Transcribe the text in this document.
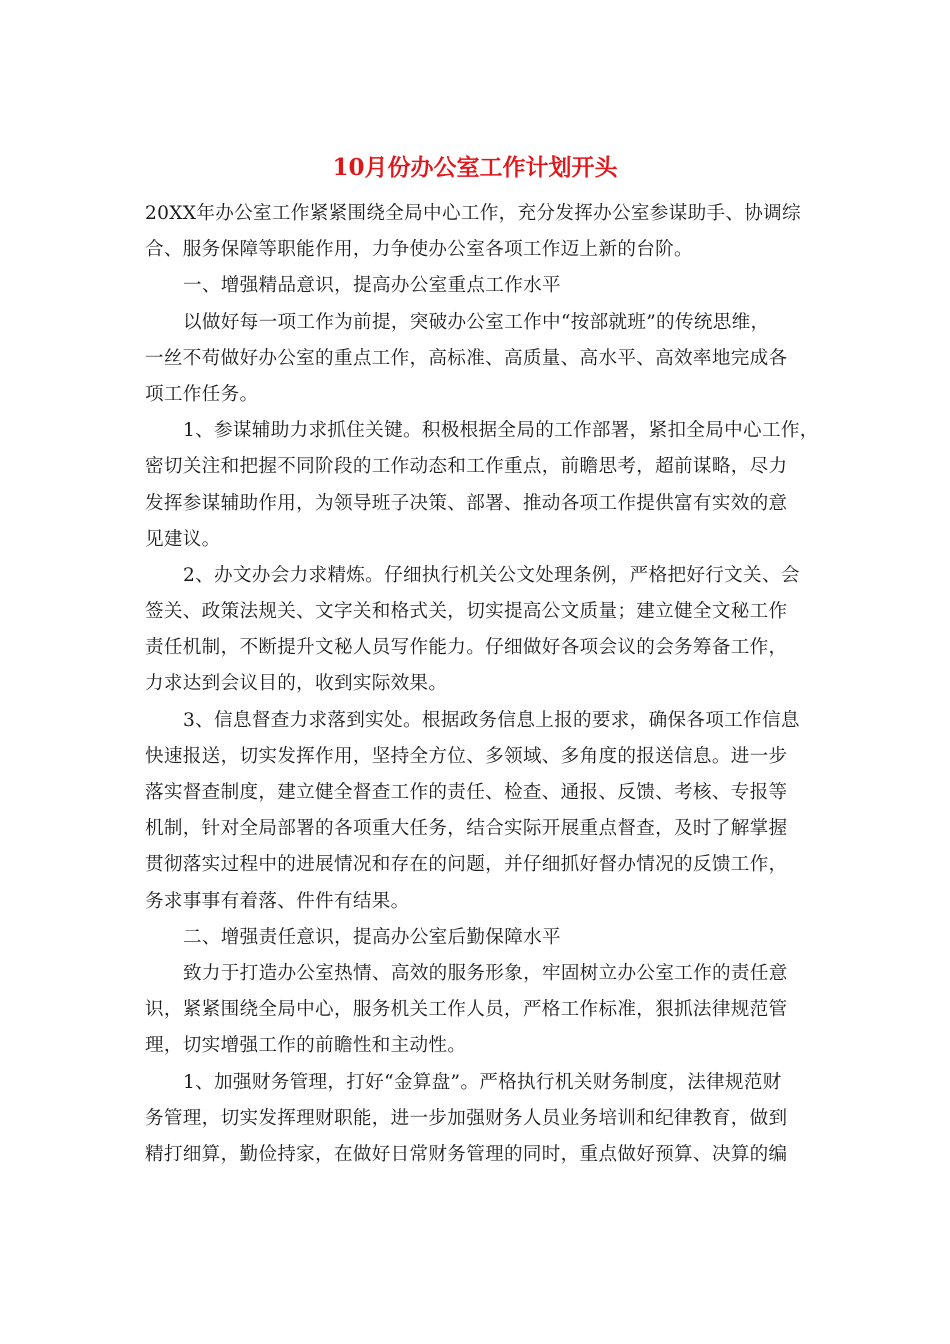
10月份办公室工作计划开头
20XX年办公室工作紧紧围绕全局中心工作，充分发挥办公室参谋助手、协调综
合、服务保障等职能作用，力争使办公室各项工作迈上新的台阶。
一、增强精品意识，提高办公室重点工作水平
以做好每一项工作为前提，突破办公室工作中“按部就班”的传统思维，
一丝不苟做好办公室的重点工作，高标准、高质量、高水平、高效率地完成各
项工作任务。
1、参谋辅助力求抓住关键。积极根据全局的工作部署，紧扣全局中心工作，
密切关注和把握不同阶段的工作动态和工作重点，前瞻思考，超前谋略，尽力
发挥参谋辅助作用，为领导班子决策、部署、推动各项工作提供富有实效的意
见建议。
2、办文办会力求精炼。仔细执行机关公文处理条例，严格把好行文关、会
签关、政策法规关、文字关和格式关，切实提高公文质量；建立健全文秘工作
责任机制，不断提升文秘人员写作能力。仔细做好各项会议的会务筹备工作，
力求达到会议目的，收到实际效果。
3、信息督查力求落到实处。根据政务信息上报的要求，确保各项工作信息
快速报送，切实发挥作用，坚持全方位、多领域、多角度的报送信息。进一步
落实督查制度，建立健全督查工作的责任、检查、通报、反馈、考核、专报等
机制，针对全局部署的各项重大任务，结合实际开展重点督查，及时了解掌握
贯彻落实过程中的进展情况和存在的问题，并仔细抓好督办情况的反馈工作，
务求事事有着落、件件有结果。
二、增强责任意识，提高办公室后勤保障水平
致力于打造办公室热情、高效的服务形象，牢固树立办公室工作的责任意
识，紧紧围绕全局中心，服务机关工作人员，严格工作标准，狠抓法律规范管
理，切实增强工作的前瞻性和主动性。
1、加强财务管理，打好“金算盘”。严格执行机关财务制度，法律规范财
务管理，切实发挥理财职能，进一步加强财务人员业务培训和纪律教育，做到
精打细算，勤俭持家，在做好日常财务管理的同时，重点做好预算、决算的编
